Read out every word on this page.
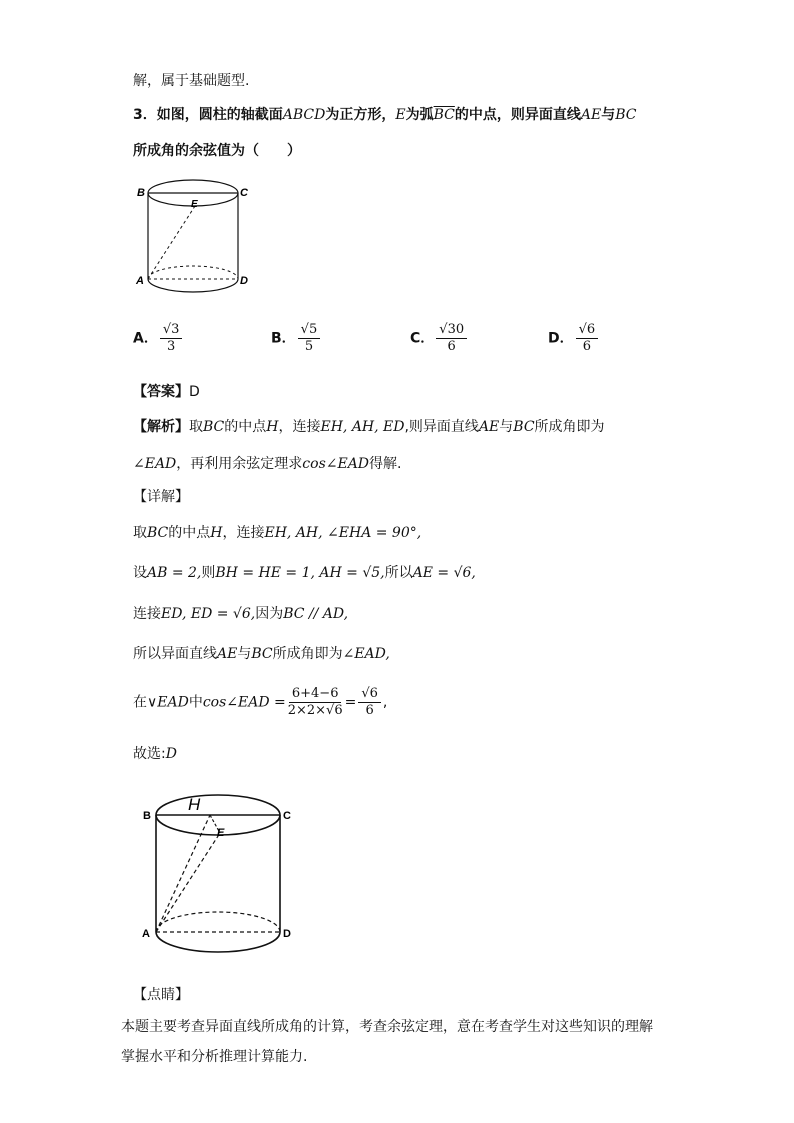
解，属于基础题型.
3．如图，圆柱的轴截面ABCD为正方形，E为弧$\overline{BC}$的中点，则异面直线AE与BC
所成角的余弦值为（　　）
B	C
E
A	D
A． $\frac{√3}{3}$	B． $\frac{√5}{5}$	C． $\frac{√30}{6}$	D． $\frac{√6}{6}$
【答案】D
【解析】取BC的中点H，连接EH, AH, ED,则异面直线AE与BC所成角即为
∠EAD，再利用余弦定理求cos∠EAD得解.
【详解】
取BC的中点H，连接EH, AH, ∠EHA = 90°,
设AB = 2,则BH = HE = 1, AH = √5,所以AE = √6,
连接ED, ED = √6,因为BC // AD,
所以异面直线AE与BC所成角即为∠EAD,
在∨EAD中cos∠EAD = $\frac{6+4-6}{2\times 2\times√6} = \frac{√6}{6}$ ,
故选:D
H
B	C
E
A	D
【点睛】
本题主要考查异面直线所成角的计算，考查余弦定理，意在考查学生对这些知识的理解
掌握水平和分析推理计算能力.
